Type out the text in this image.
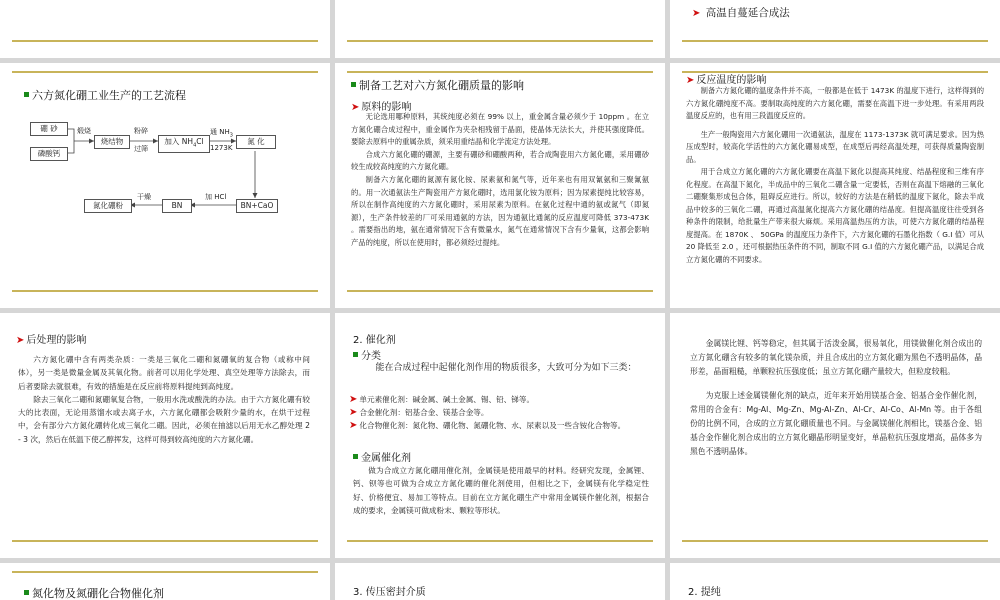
➤ 高温自蔓延合成法
六方氮化硼工业生产的工艺流程
硼 砂
磷酸钙
煅烧
烧结物
粉碎
过筛
加入 $NH_4Cl$
通 $NH_3$
1273K
氮 化
BN+CaO
加 HCl
BN
干燥
氮化硼粉
制备工艺对六方氮化硼质量的影响
➤ 原料的影响
无论选用哪种原料，其统纯度必须在 99% 以上，重金属含量必须少于 10ppm 。在立方氮化硼合成过程中，重金属作为夹杂相残留于晶面，使晶体无法长大，并使其强度降低。要除去原料中的重属杂质，须采用重结晶和化学流定方法处理。
合成六方氮化硼的硼源，主要有硼砂和硼酸两种，若合成陶瓷用六方氮化硼，采用硼砂较生成较高纯度的六方氮化硼。
制备六方氮化硼的氮源有氮化铵、尿素氨和氮气等，近年来也有用双氰氨和三聚氰氨的。用一次通氨法生产陶瓷用产方氮化硼时，选用氯化铵为原料；因为尿素提纯比较容易，所以在制作高纯度的六方氮化硼时，采用尿素为原料。在氨化过程中通的氨或氮气（即氮源），生产条件较差的厂可采用通氨的方法，因为通氨比通氮的反应温度可降低 373-473K 。需要指出的地，氨在通常情况下含有微量水，氮气在通常情况下含有少量氧，这都会影响产品的纯度，所以在使用时，都必须经过提纯。
➤ 反应温度的影响
制备六方氮化硼的温度条件并不高，一般都是在低于 1473K 的温度下进行，这样得到的六方氮化硼纯度不高。要制取高纯度的六方氮化硼，需要在高温下进一步处理。有采用两段温度反应的，也有用三段温度反应的。
生产一般陶瓷用六方氮化硼用一次通氨法，温度在 1173-1373K 就可满足要求。因为热压成型时，较高化学活性的六方氮化硼易成型，在成型后再经高温处理，可获得质量陶瓷制品。
用于合成立方氮化硼的六方氮化硼要在高温下氮化以提高其纯度、结晶程度和三维有序化程度。在高温下氮化，半成品中的三氧化二硼含量一定要低，否则在高温下熔融的三氧化二硼聚集形成包合体，阻碍反应进行。所以，较好的方法是在稍低的温度下氮化，除去半成品中较多的三氧化二硼，再通过高温氮化提高六方氮化硼的结晶度。但提高温度往往受到各种条件的限制，给批量生产带来很大麻烦。采用高温热压的方法，可使六方氮化硼的结晶程度提高。在 1870K 、 50GPa 的温度压力条件下，六方氮化硼的石墨化指数（ G.I 值）可从 20 降低至 2.0 ，还可根据热压条件的不同，制取不同 G.I 值的六方氮化硼产品，以满足合成立方氮化硼的不同要求。
➤ 后处理的影响
六方氮化硼中含有两类杂质：一类是三氧化二硼和氮硼氧的复合物（或称中间体），另一类是微量金属及其氧化物。前者可以用化学处理、真空处理等方法除去，而后者要除去就很难，有效的措施是在反应前将原料提纯到高纯度。
除去三氧化二硼和氮硼氧复合物，一般用水洗或酸洗的办法。由于六方氮化硼有较大的比表面，无论用蒸馏水或去离子水，六方氮化硼都会吸附少量的水，在烘干过程中，会有部分六方氮化硼转化成三氧化二硼。因此，必须在抽滤以后用无水乙醇处理 2 - 3 次，然后在低温下使乙醇挥发，这样可得到较高纯度的六方氮化硼。
2. 催化剂
分类
能在合成过程中起催化剂作用的物质很多，大致可分为如下三类：
➤ 单元素催化剂：碱金属、碱土金属、锡、铅、锑等。
➤ 合金催化剂：铝基合金、镁基合金等。
➤ 化合物催化剂：氮化物、硼化物、氮硼化物、水、尿素以及一些含铵化合物等。
金属催化剂
做为合成立方氮化硼用催化剂，金属镁是使用最早的材料。经研究发现，金属锂、钙、钡等也可做为合成立方氮化硼的催化剂使用，但相比之下，金属镁有化学稳定性好、价格便宜、易加工等特点。目前在立方氮化硼生产中常用金属镁作催化剂，根据合成的要求，金属镁可做成粉末、颗粒等形状。
金属镁比锂、钙等稳定，但其属于活泼金属，很易氧化，用镁做催化剂合成出的立方氮化硼含有较多的氧化镁杂质，并且合成出的立方氮化硼为黑色不透明晶体，晶形差，晶面粗糙，单颗粒抗压强度低；虽立方氮化硼产量较大，但粒度较粗。
为克服上述金属镁催化剂的缺点，近年来开始用镁基合金、铝基合金作催化剂，常用的合金有：Mg-Al、Mg-Zn、Mg-Al-Zn、Al-Cr、Al-Co、Al-Mn 等。由于各组份的比例不同，合成的立方氮化硼质量也不同。与金属镁催化剂相比，镁基合金、铝基合金作催化剂合成出的立方氮化硼晶形明显变好，单晶粒抗压强度增高，晶体多为黑色不透明晶体。
氮化物及氮硼化合物催化剂	3. 传压密封介质	2. 提纯
